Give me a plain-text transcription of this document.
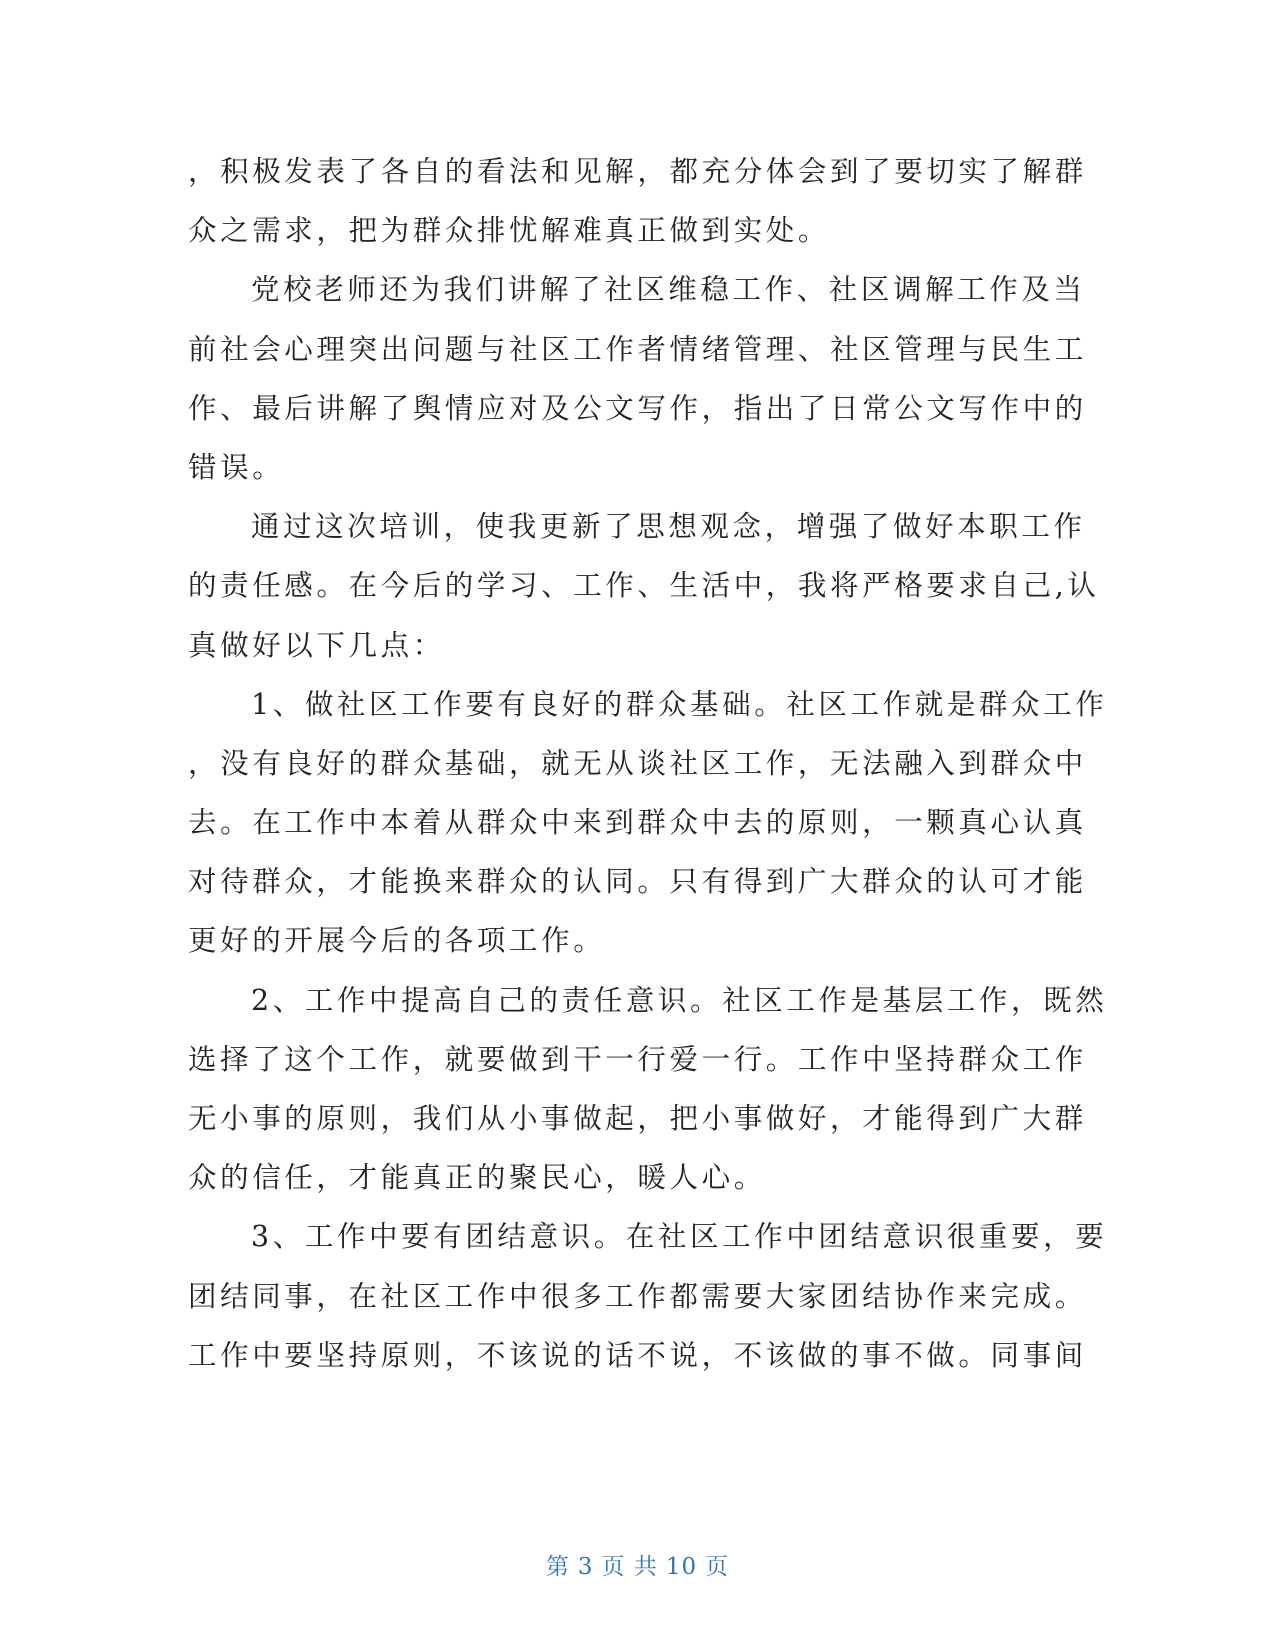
，积极发表了各自的看法和见解，都充分体会到了要切实了解群
众之需求，把为群众排忧解难真正做到实处。
党校老师还为我们讲解了社区维稳工作、社区调解工作及当
前社会心理突出问题与社区工作者情绪管理、社区管理与民生工
作、最后讲解了舆情应对及公文写作，指出了日常公文写作中的
错误。
通过这次培训，使我更新了思想观念，增强了做好本职工作
的责任感。在今后的学习、工作、生活中，我将严格要求自己,认
真做好以下几点：
1、做社区工作要有良好的群众基础。社区工作就是群众工作
，没有良好的群众基础，就无从谈社区工作，无法融入到群众中
去。在工作中本着从群众中来到群众中去的原则，一颗真心认真
对待群众，才能换来群众的认同。只有得到广大群众的认可才能
更好的开展今后的各项工作。
2、工作中提高自己的责任意识。社区工作是基层工作，既然
选择了这个工作，就要做到干一行爱一行。工作中坚持群众工作
无小事的原则，我们从小事做起，把小事做好，才能得到广大群
众的信任，才能真正的聚民心，暖人心。
3、工作中要有团结意识。在社区工作中团结意识很重要，要
团结同事，在社区工作中很多工作都需要大家团结协作来完成。
工作中要坚持原则，不该说的话不说，不该做的事不做。同事间
第 3 页 共 10 页
